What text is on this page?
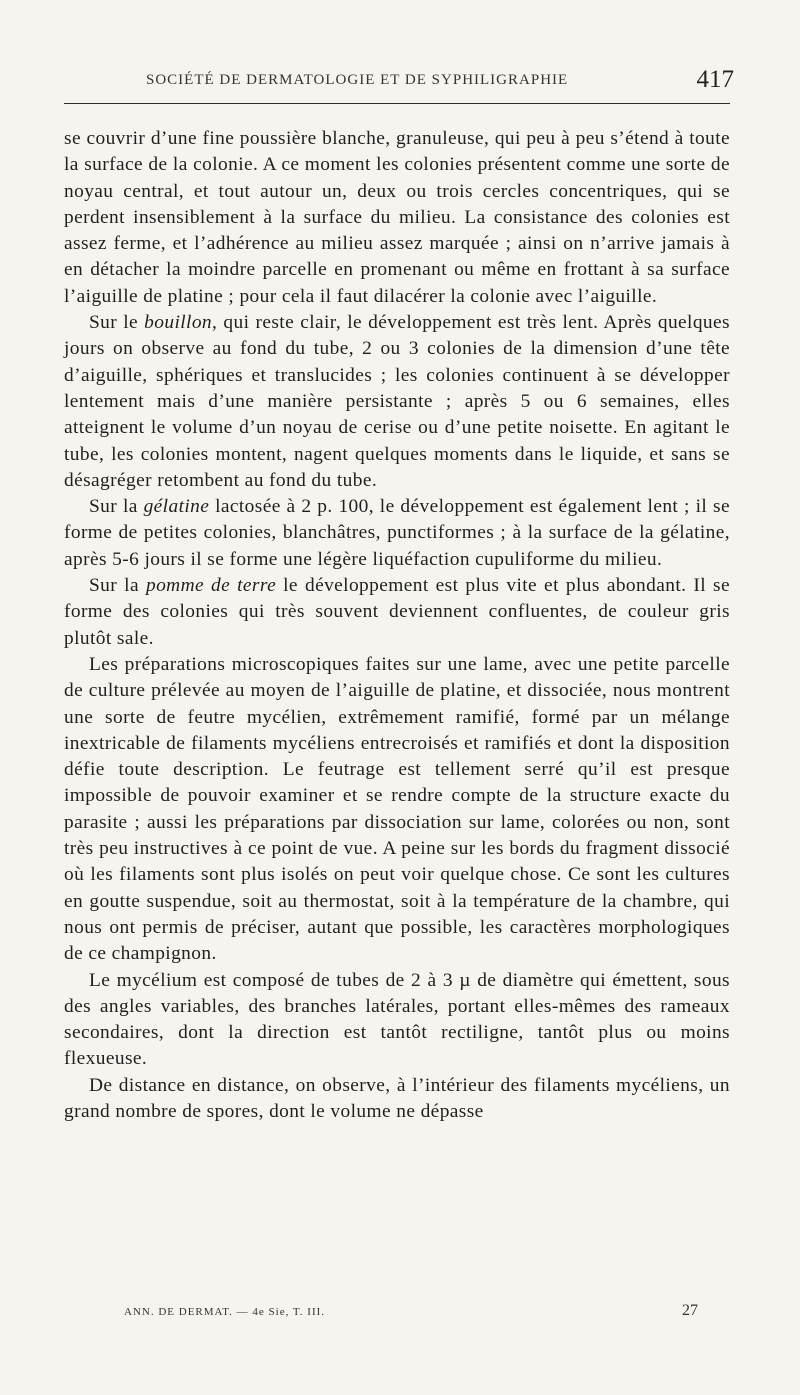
SOCIÉTÉ DE DERMATOLOGIE ET DE SYPHILIGRAPHIE	417

se couvrir d’une fine poussière blanche, granuleuse, qui peu à peu s’étend à toute la surface de la colonie. A ce moment les colonies présentent comme une sorte de noyau central, et tout autour un, deux ou trois cercles concentriques, qui se perdent insensiblement à la surface du milieu. La consistance des colonies est assez ferme, et l’adhérence au milieu assez marquée ; ainsi on n’arrive jamais à en détacher la moindre parcelle en promenant ou même en frottant à sa surface l’aiguille de platine ; pour cela il faut dilacérer la colonie avec l’aiguille.

Sur le bouillon, qui reste clair, le développement est très lent. Après quelques jours on observe au fond du tube, 2 ou 3 colonies de la dimension d’une tête d’aiguille, sphériques et translucides ; les colonies continuent à se développer lentement mais d’une manière persistante ; après 5 ou 6 semaines, elles atteignent le volume d’un noyau de cerise ou d’une petite noisette. En agitant le tube, les colonies montent, nagent quelques moments dans le liquide, et sans se désagréger retombent au fond du tube.

Sur la gélatine lactosée à 2 p. 100, le développement est également lent ; il se forme de petites colonies, blanchâtres, punctiformes ; à la surface de la gélatine, après 5-6 jours il se forme une légère liquéfaction cupuliforme du milieu.

Sur la pomme de terre le développement est plus vite et plus abondant. Il se forme des colonies qui très souvent deviennent confluentes, de couleur gris plutôt sale.

Les préparations microscopiques faites sur une lame, avec une petite parcelle de culture prélevée au moyen de l’aiguille de platine, et dissociée, nous montrent une sorte de feutre mycélien, extrêmement ramifié, formé par un mélange inextricable de filaments mycéliens entrecroisés et ramifiés et dont la disposition défie toute description. Le feutrage est tellement serré qu’il est presque impossible de pouvoir examiner et se rendre compte de la structure exacte du parasite ; aussi les préparations par dissociation sur lame, colorées ou non, sont très peu instructives à ce point de vue. A peine sur les bords du fragment dissocié où les filaments sont plus isolés on peut voir quelque chose. Ce sont les cultures en goutte suspendue, soit au thermostat, soit à la température de la chambre, qui nous ont permis de préciser, autant que possible, les caractères morphologiques de ce champignon.

Le mycélium est composé de tubes de 2 à 3 µ de diamètre qui émettent, sous des angles variables, des branches latérales, portant elles-mêmes des rameaux secondaires, dont la direction est tantôt rectiligne, tantôt plus ou moins flexueuse.

De distance en distance, on observe, à l’intérieur des filaments mycéliens, un grand nombre de spores, dont le volume ne dépasse

ANN. DE DERMAT. — 4e Sie, T. III.	27
